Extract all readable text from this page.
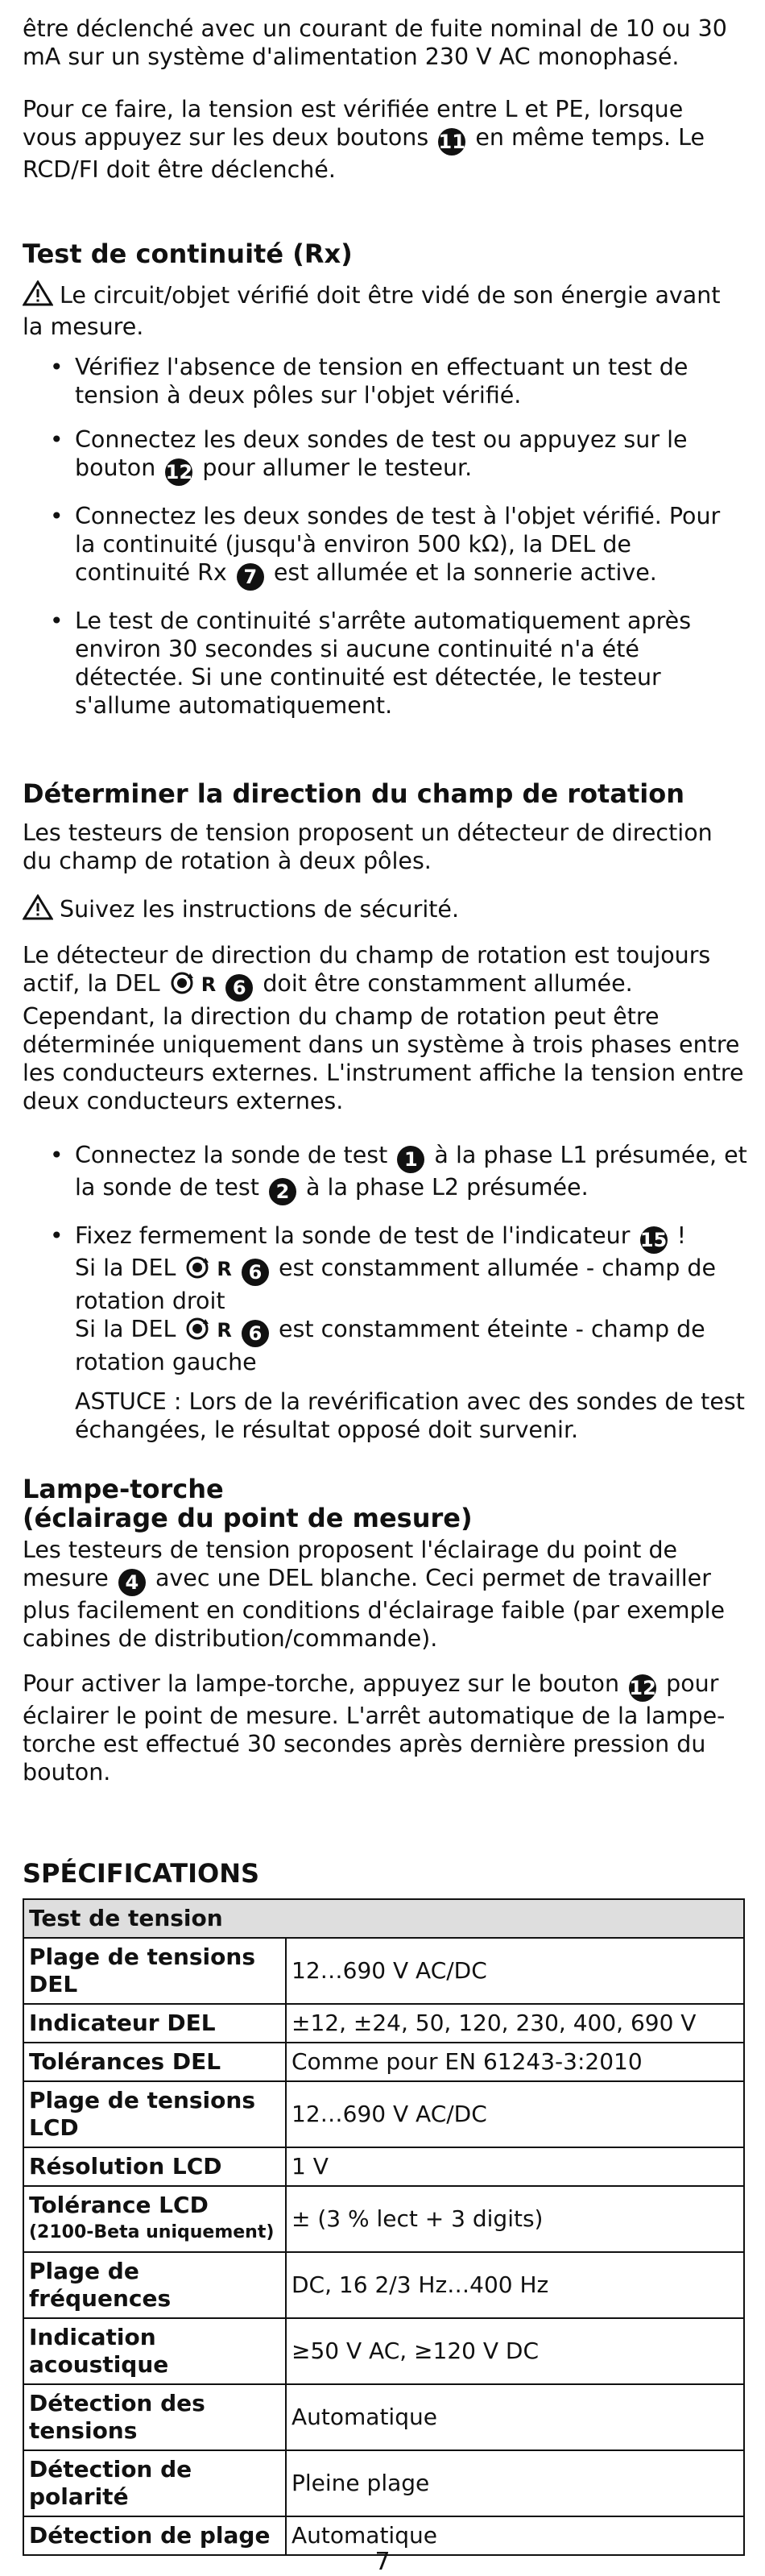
être déclenché avec un courant de fuite nominal de 10 ou 30 mA sur un système d'alimentation 230 V AC monophasé.

Pour ce faire, la tension est vérifiée entre L et PE, lorsque vous appuyez sur les deux boutons 11 en même temps. Le RCD/FI doit être déclenché.

Test de continuité (Rx)

Le circuit/objet vérifié doit être vidé de son énergie avant la mesure.

• Vérifiez l'absence de tension en effectuant un test de tension à deux pôles sur l'objet vérifié.
• Connectez les deux sondes de test ou appuyez sur le bouton 12 pour allumer le testeur.
• Connectez les deux sondes de test à l'objet vérifié. Pour la continuité (jusqu'à environ 500 kΩ), la DEL de continuité Rx 7 est allumée et la sonnerie active.
• Le test de continuité s'arrête automatiquement après environ 30 secondes si aucune continuité n'a été détectée. Si une continuité est détectée, le testeur s'allume automatiquement.
Déterminer la direction du champ de rotation

Les testeurs de tension proposent un détecteur de direction du champ de rotation à deux pôles.

Suivez les instructions de sécurité.

Le détecteur de direction du champ de rotation est toujours actif, la DEL R 6 doit être constamment allumée. Cependant, la direction du champ de rotation peut être déterminée uniquement dans un système à trois phases entre les conducteurs externes. L'instrument affiche la tension entre deux conducteurs externes.

• Connectez la sonde de test 1 à la phase L1 présumée, et la sonde de test 2 à la phase L2 présumée.
• Fixez fermement la sonde de test de l'indicateur 15 !
Si la DEL R 6 est constamment allumée - champ de rotation droit
Si la DEL R 6 est constamment éteinte - champ de rotation gauche
ASTUCE : Lors de la revérification avec des sondes de test échangées, le résultat opposé doit survenir.
Lampe-torche
(éclairage du point de mesure)

Les testeurs de tension proposent l'éclairage du point de mesure 4 avec une DEL blanche. Ceci permet de travailler plus facilement en conditions d'éclairage faible (par exemple cabines de distribution/commande).

Pour activer la lampe-torche, appuyez sur le bouton 12 pour éclairer le point de mesure. L'arrêt automatique de la lampe-torche est effectué 30 secondes après dernière pression du bouton.

SPÉCIFICATIONS
Test de tension	
Plage de tensions DEL	12…690 V AC/DC
Indicateur DEL	±12, ±24, 50, 120, 230, 400, 690 V
Tolérances DEL	Comme pour EN 61243-3:2010
Plage de tensions LCD	12…690 V AC/DC
Résolution LCD	1 V
Tolérance LCD
(2100-Beta uniquement)	± (3 % lect + 3 digits)
Plage de fréquences	DC, 16 2/3 Hz…400 Hz
Indication acoustique	≥50 V AC, ≥120 V DC
Détection des tensions	Automatique
Détection de polarité	Pleine plage
Détection de plage	Automatique
7
